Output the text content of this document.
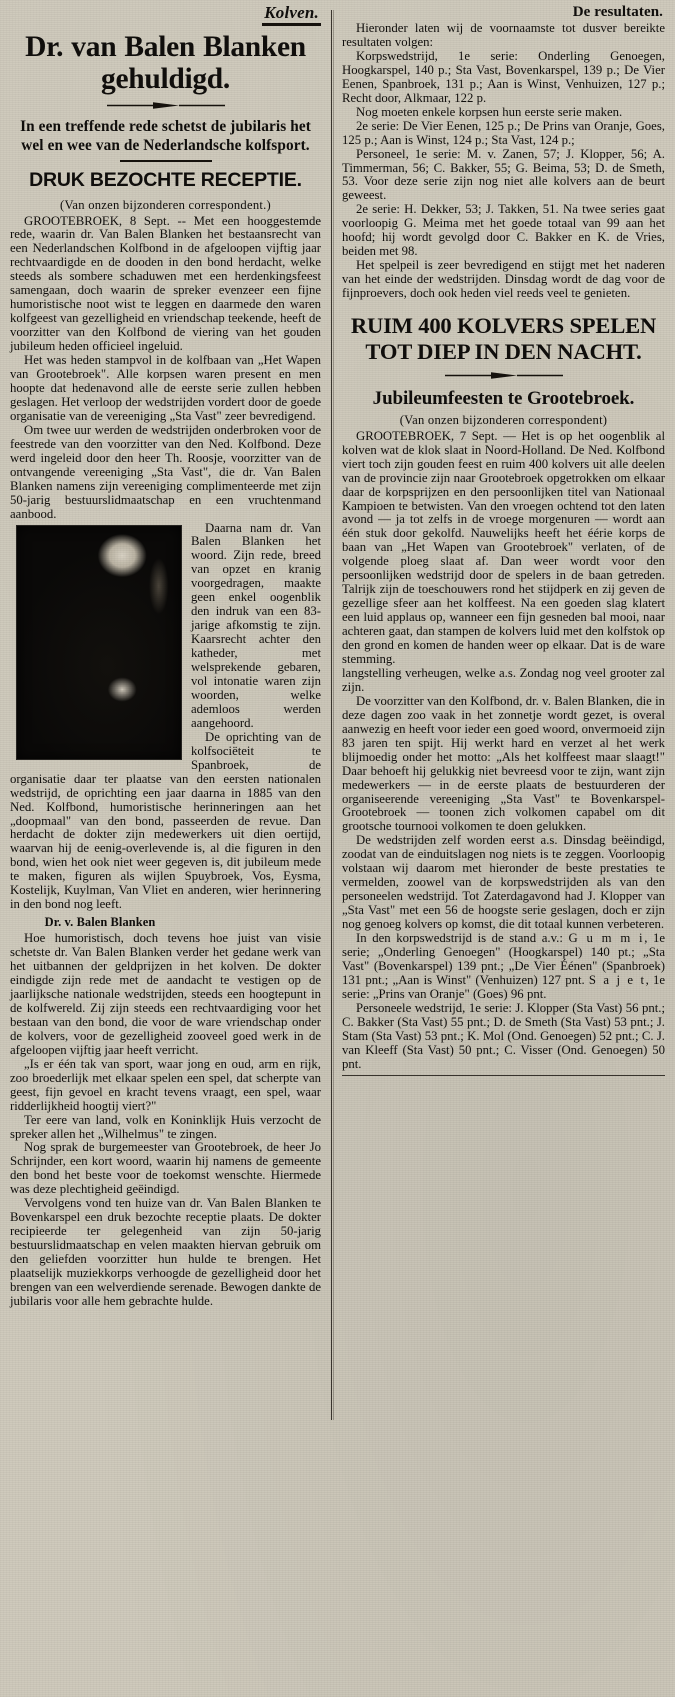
Kolven.
Dr. van Balen Blanken gehuldigd.
In een treffende rede schetst de jubilaris het wel en wee van de Nederlandsche kolfsport.
DRUK BEZOCHTE RECEPTIE.

(Van onzen bijzonderen correspondent.)

GROOTEBROEK, 8 Sept. -- Met een hooggestemde rede, waarin dr. Van Balen Blanken het bestaansrecht van een Nederlandschen Kolfbond in de afgeloopen vijftig jaar rechtvaardigde en de dooden in den bond herdacht, welke steeds als sombere schaduwen met een herdenkingsfeest samengaan, doch waarin de spreker evenzeer een fijne humoristische noot wist te leggen en daarmede den waren kolfgeest van gezelligheid en vriendschap teekende, heeft de voorzitter van den Kolfbond de viering van het gouden jubileum heden officieel ingeluid.

Het was heden stampvol in de kolfbaan van „Het Wapen van Grootebroek". Alle korpsen waren present en men hoopte dat hedenavond alle de eerste serie zullen hebben geslagen. Het verloop der wedstrijden vordert door de goede organisatie van de vereeniging „Sta Vast" zeer bevredigend.

Om twee uur werden de wedstrijden onderbroken voor de feestrede van den voorzitter van den Ned. Kolfbond. Deze werd ingeleid door den heer Th. Roosje, voorzitter van de ontvangende vereeniging „Sta Vast", die dr. Van Balen Blanken namens zijn vereeniging complimenteerde met zijn 50-jarig bestuurslidmaatschap en een vruchtenmand aanbood.

Daarna nam dr. Van Balen Blanken het woord. Zijn rede, breed van opzet en kranig voorgedragen, maakte geen enkel oogenblik den indruk van een 83-jarige afkomstig te zijn. Kaarsrecht achter den katheder, met welsprekende gebaren, vol intonatie waren zijn woorden, welke ademloos werden aangehoord.

De oprichting van de kolfsociëteit te Spanbroek, de organisatie daar ter plaatse van den eersten nationalen wedstrijd, de oprichting een jaar daarna in 1885 van den Ned. Kolfbond, humoristische herinneringen aan het „doopmaal" van den bond, passeerden de revue. Dan herdacht de dokter zijn medewerkers uit dien oertijd, waarvan hij de eenig-overlevende is, al die figuren in den bond, wien het ook niet weer gegeven is, dit jubileum mede te maken, figuren als wijlen Spuybroek, Vos, Eysma, Kostelijk, Kuylman, Van Vliet en anderen, wier herinnering in den bond nog leeft.

Dr. v. Balen Blanken

Hoe humoristisch, doch tevens hoe juist van visie schetste dr. Van Balen Blanken verder het gedane werk van het uitbannen der geldprijzen in het kolven. De dokter eindigde zijn rede met de aandacht te vestigen op de jaarlijksche nationale wedstrijden, steeds een hoogtepunt in de kolfwereld. Zij zijn steeds een rechtvaardiging voor het bestaan van den bond, die voor de ware vriendschap onder de kolvers, voor de gezelligheid zooveel goed werk in de afgeloopen vijftig jaar heeft verricht.

„Is er één tak van sport, waar jong en oud, arm en rijk, zoo broederlijk met elkaar spelen een spel, dat scherpte van geest, fijn gevoel en kracht tevens vraagt, een spel, waar ridderlijkheid hoogtij viert?"

Ter eere van land, volk en Koninklijk Huis verzocht de spreker allen het „Wilhelmus" te zingen.

Nog sprak de burgemeester van Grootebroek, de heer Jo Schrijnder, een kort woord, waarin hij namens de gemeente den bond het beste voor de toekomst wenschte. Hiermede was deze plechtigheid geëindigd.

Vervolgens vond ten huize van dr. Van Balen Blanken te Bovenkarspel een druk bezochte receptie plaats. De dokter recipieerde ter gelegenheid van zijn 50-jarig bestuurslidmaatschap en velen maakten hiervan gebruik om den geliefden voorzitter hun hulde te brengen. Het plaatselijk muziekkorps verhoogde de gezelligheid door het brengen van een welverdiende serenade. Bewogen dankte de jubilaris voor alle hem gebrachte hulde.

De resultaten.

Hieronder laten wij de voornaamste tot dusver bereikte resultaten volgen:

Korpswedstrijd, 1e serie: Onderling Genoegen, Hoogkarspel, 140 p.; Sta Vast, Bovenkarspel, 139 p.; De Vier Eenen, Spanbroek, 131 p.; Aan is Winst, Venhuizen, 127 p.; Recht door, Alkmaar, 122 p.

Nog moeten enkele korpsen hun eerste serie maken.

2e serie: De Vier Eenen, 125 p.; De Prins van Oranje, Goes, 125 p.; Aan is Winst, 124 p.; Sta Vast, 124 p.;

Personeel, 1e serie: M. v. Zanen, 57; J. Klopper, 56; A. Timmerman, 56; C. Bakker, 55; G. Beima, 53; D. de Smeth, 53. Voor deze serie zijn nog niet alle kolvers aan de beurt geweest.

2e serie: H. Dekker, 53; J. Takken, 51. Na twee series gaat voorloopig G. Meima met het goede totaal van 99 aan het hoofd; hij wordt gevolgd door C. Bakker en K. de Vries, beiden met 98.

Het spelpeil is zeer bevredigend en stijgt met het naderen van het einde der wedstrijden. Dinsdag wordt de dag voor de fijnproevers, doch ook heden viel reeds veel te genieten.

RUIM 400 KOLVERS SPELEN TOT DIEP IN DEN NACHT.
Jubileumfeesten te Grootebroek.

(Van onzen bijzonderen correspondent)

GROOTEBROEK, 7 Sept. — Het is op het oogenblik al kolven wat de klok slaat in Noord-Holland. De Ned. Kolfbond viert toch zijn gouden feest en ruim 400 kolvers uit alle deelen van de provincie zijn naar Grootebroek opgetrokken om elkaar daar de korpsprijzen en den persoonlijken titel van Nationaal Kampioen te betwisten. Van den vroegen ochtend tot den laten avond — ja tot zelfs in de vroege morgenuren — wordt aan één stuk door gekolfd. Nauwelijks heeft het éérie korps de baan van „Het Wapen van Grootebroek" verlaten, of de volgende ploeg slaat af. Dan weer wordt voor den persoonlijken wedstrijd door de spelers in de baan getreden. Talrijk zijn de toeschouwers rond het stijdperk en zij geven de gezellige sfeer aan het kolffeest. Na een goeden slag klatert een luid applaus op, wanneer een fijn gesneden bal mooi, naar achteren gaat, dan stampen de kolvers luid met den kolfstok op den grond en komen de handen weer op elkaar. Dat is de ware stemming.

langstelling verheugen, welke a.s. Zondag nog veel grooter zal zijn.

De voorzitter van den Kolfbond, dr. v. Balen Blanken, die in deze dagen zoo vaak in het zonnetje wordt gezet, is overal aanwezig en heeft voor ieder een goed woord, onvermoeid zijn 83 jaren ten spijt. Hij werkt hard en verzet al het werk blijmoedig onder het motto: „Als het kolffeest maar slaagt!" Daar behoeft hij gelukkig niet bevreesd voor te zijn, want zijn medewerkers — in de eerste plaats de bestuurderen der organiseerende vereeniging „Sta Vast" te Bovenkarspel-Grootebroek — toonen zich volkomen capabel om dit grootsche tournooi volkomen te doen gelukken.

De wedstrijden zelf worden eerst a.s. Dinsdag beëindigd, zoodat van de einduitslagen nog niets is te zeggen. Voorloopig volstaan wij daarom met hieronder de beste prestaties te vermelden, zoowel van de korpswedstrijden als van den personeelen wedstrijd. Tot Zaterdagavond had J. Klopper van „Sta Vast" met een 56 de hoogste serie geslagen, doch er zijn nog genoeg kolvers op komst, die dit totaal kunnen verbeteren.

In den korpswedstrijd is de stand a.v.: G u m m i, 1e serie; „Onderling Genoegen" (Hoogkarspel) 140 pt.; „Sta Vast" (Bovenkarspel) 139 pnt.; „De Vier Éénen" (Spanbroek) 131 pnt.; „Aan is Winst" (Venhuizen) 127 pnt. S a j e t, 1e serie: „Prins van Oranje" (Goes) 96 pnt.

Personeele wedstrijd, 1e serie: J. Klopper (Sta Vast) 56 pnt.; C. Bakker (Sta Vast) 55 pnt.; D. de Smeth (Sta Vast) 53 pnt.; J. Stam (Sta Vast) 53 pnt.; K. Mol (Ond. Genoegen) 52 pnt.; C. J. van Kleeff (Sta Vast) 50 pnt.; C. Visser (Ond. Genoegen) 50 pnt.
